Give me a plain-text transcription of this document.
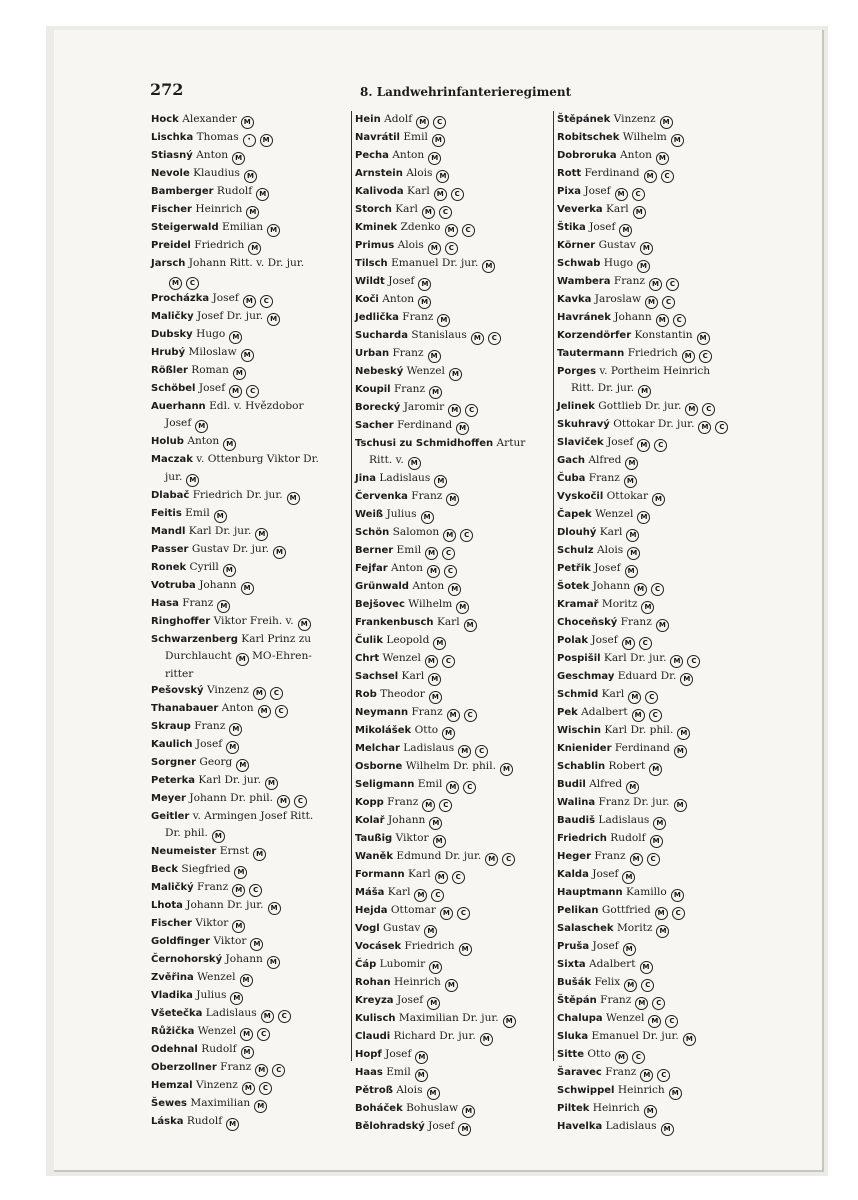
272	8. Landwehrinfanterieregiment
Hock Alexander M
Lischka Thomas · M
Stiasný Anton M
Nevole Klaudius M
Bamberger Rudolf M
Fischer Heinrich M
Steigerwald Emilian M
Preidel Friedrich M
Jarsch Johann Ritt. v. Dr. jur.
M C
Procházka Josef M C
Maličky Josef Dr. jur. M
Dubsky Hugo M
Hrubý Miloslaw M
Rößler Roman M
Schöbel Josef M C
Auerhann Edl. v. Hvězdobor
Josef M
Holub Anton M
Maczak v. Ottenburg Viktor Dr.
jur. M
Dlabač Friedrich Dr. jur. M
Feitis Emil M
Mandl Karl Dr. jur. M
Passer Gustav Dr. jur. M
Ronek Cyrill M
Votruba Johann M
Hasa Franz M
Ringhoffer Viktor Freih. v. M
Schwarzenberg Karl Prinz zu
Durchlaucht M MO-Ehren-
ritter
Pešovský Vinzenz M C
Thanabauer Anton M C
Skraup Franz M
Kaulich Josef M
Sorgner Georg M
Peterka Karl Dr. jur. M
Meyer Johann Dr. phil. M C
Geitler v. Armingen Josef Ritt.
Dr. phil. M
Neumeister Ernst M
Beck Siegfried M
Maličký Franz M C
Lhota Johann Dr. jur. M
Fischer Viktor M
Goldfinger Viktor M
Černohorský Johann M
Zvěřina Wenzel M
Vladika Julius M
Všetečka Ladislaus M C
Růžička Wenzel M C
Odehnal Rudolf M
Oberzollner Franz M C
Hemzal Vinzenz M C
Šewes Maximilian M
Láska Rudolf M
Hein Adolf M C
Navrátil Emil M
Pecha Anton M
Arnstein Alois M
Kalivoda Karl M C
Storch Karl M C
Kminek Zdenko M C
Primus Alois M C
Tilsch Emanuel Dr. jur. M
Wildt Josef M
Koči Anton M
Jedlička Franz M
Sucharda Stanislaus M C
Urban Franz M
Nebeský Wenzel M
Koupil Franz M
Borecký Jaromir M C
Sacher Ferdinand M
Tschusi zu Schmidhoffen Artur
Ritt. v. M
Jina Ladislaus M
Červenka Franz M
Weiß Julius M
Schön Salomon M C
Berner Emil M C
Fejfar Anton M C
Grünwald Anton M
Bejšovec Wilhelm M
Frankenbusch Karl M
Čulik Leopold M
Chrt Wenzel M C
Sachsel Karl M
Rob Theodor M
Neymann Franz M C
Mikolášek Otto M
Melchar Ladislaus M C
Osborne Wilhelm Dr. phil. M
Seligmann Emil M C
Kopp Franz M C
Kolař Johann M
Taußig Viktor M
Waněk Edmund Dr. jur. M C
Formann Karl M C
Máša Karl M C
Hejda Ottomar M C
Vogl Gustav M
Vocásek Friedrich M
Čáp Lubomir M
Rohan Heinrich M
Kreyza Josef M
Kulisch Maximilian Dr. jur. M
Claudi Richard Dr. jur. M
Hopf Josef M
Haas Emil M
Pětroß Alois M
Boháček Bohuslaw M
Bělohradský Josef M
Štěpánek Vinzenz M
Robitschek Wilhelm M
Dobroruka Anton M
Rott Ferdinand M C
Pixa Josef M C
Veverka Karl M
Štika Josef M
Körner Gustav M
Schwab Hugo M
Wambera Franz M C
Kavka Jaroslaw M C
Havránek Johann M C
Korzendörfer Konstantin M
Tautermann Friedrich M C
Porges v. Portheim Heinrich
Ritt. Dr. jur. M
Jelinek Gottlieb Dr. jur. M C
Skuhravý Ottokar Dr. jur. M C
Slaviček Josef M C
Gach Alfred M
Čuba Franz M
Vyskočil Ottokar M
Čapek Wenzel M
Dlouhý Karl M
Schulz Alois M
Petřik Josef M
Šotek Johann M C
Kramař Moritz M
Choceňský Franz M
Polak Josef M C
Pospišil Karl Dr. jur. M C
Geschmay Eduard Dr. M
Schmid Karl M C
Pek Adalbert M C
Wischin Karl Dr. phil. M
Knienider Ferdinand M
Schablin Robert M
Budil Alfred M
Walina Franz Dr. jur. M
Baudiš Ladislaus M
Friedrich Rudolf M
Heger Franz M C
Kalda Josef M
Hauptmann Kamillo M
Pelikan Gottfried M C
Salaschek Moritz M
Pruša Josef M
Sixta Adalbert M
Bušák Felix M C
Štěpán Franz M C
Chalupa Wenzel M C
Sluka Emanuel Dr. jur. M
Sitte Otto M C
Šaravec Franz M C
Schwippel Heinrich M
Piltek Heinrich M
Havelka Ladislaus M
